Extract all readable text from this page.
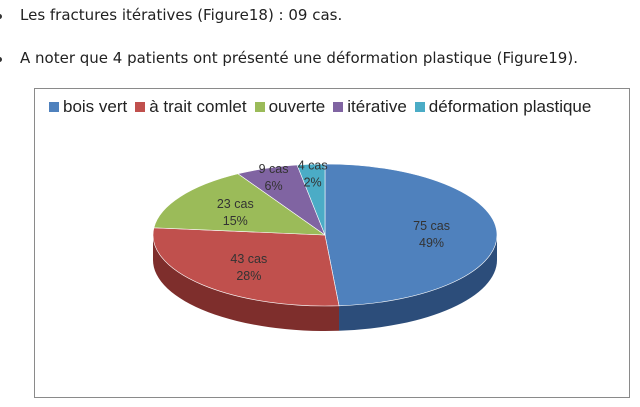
Les fractures itératives (Figure18) : 09 cas.
A noter que 4 patients ont présenté une déformation plastique (Figure19).
bois vert à trait comlet ouverte itérative déformation plastique
75 cas
49%
43 cas
28%
23 cas
15%
9 cas
6%
4 cas
2%
